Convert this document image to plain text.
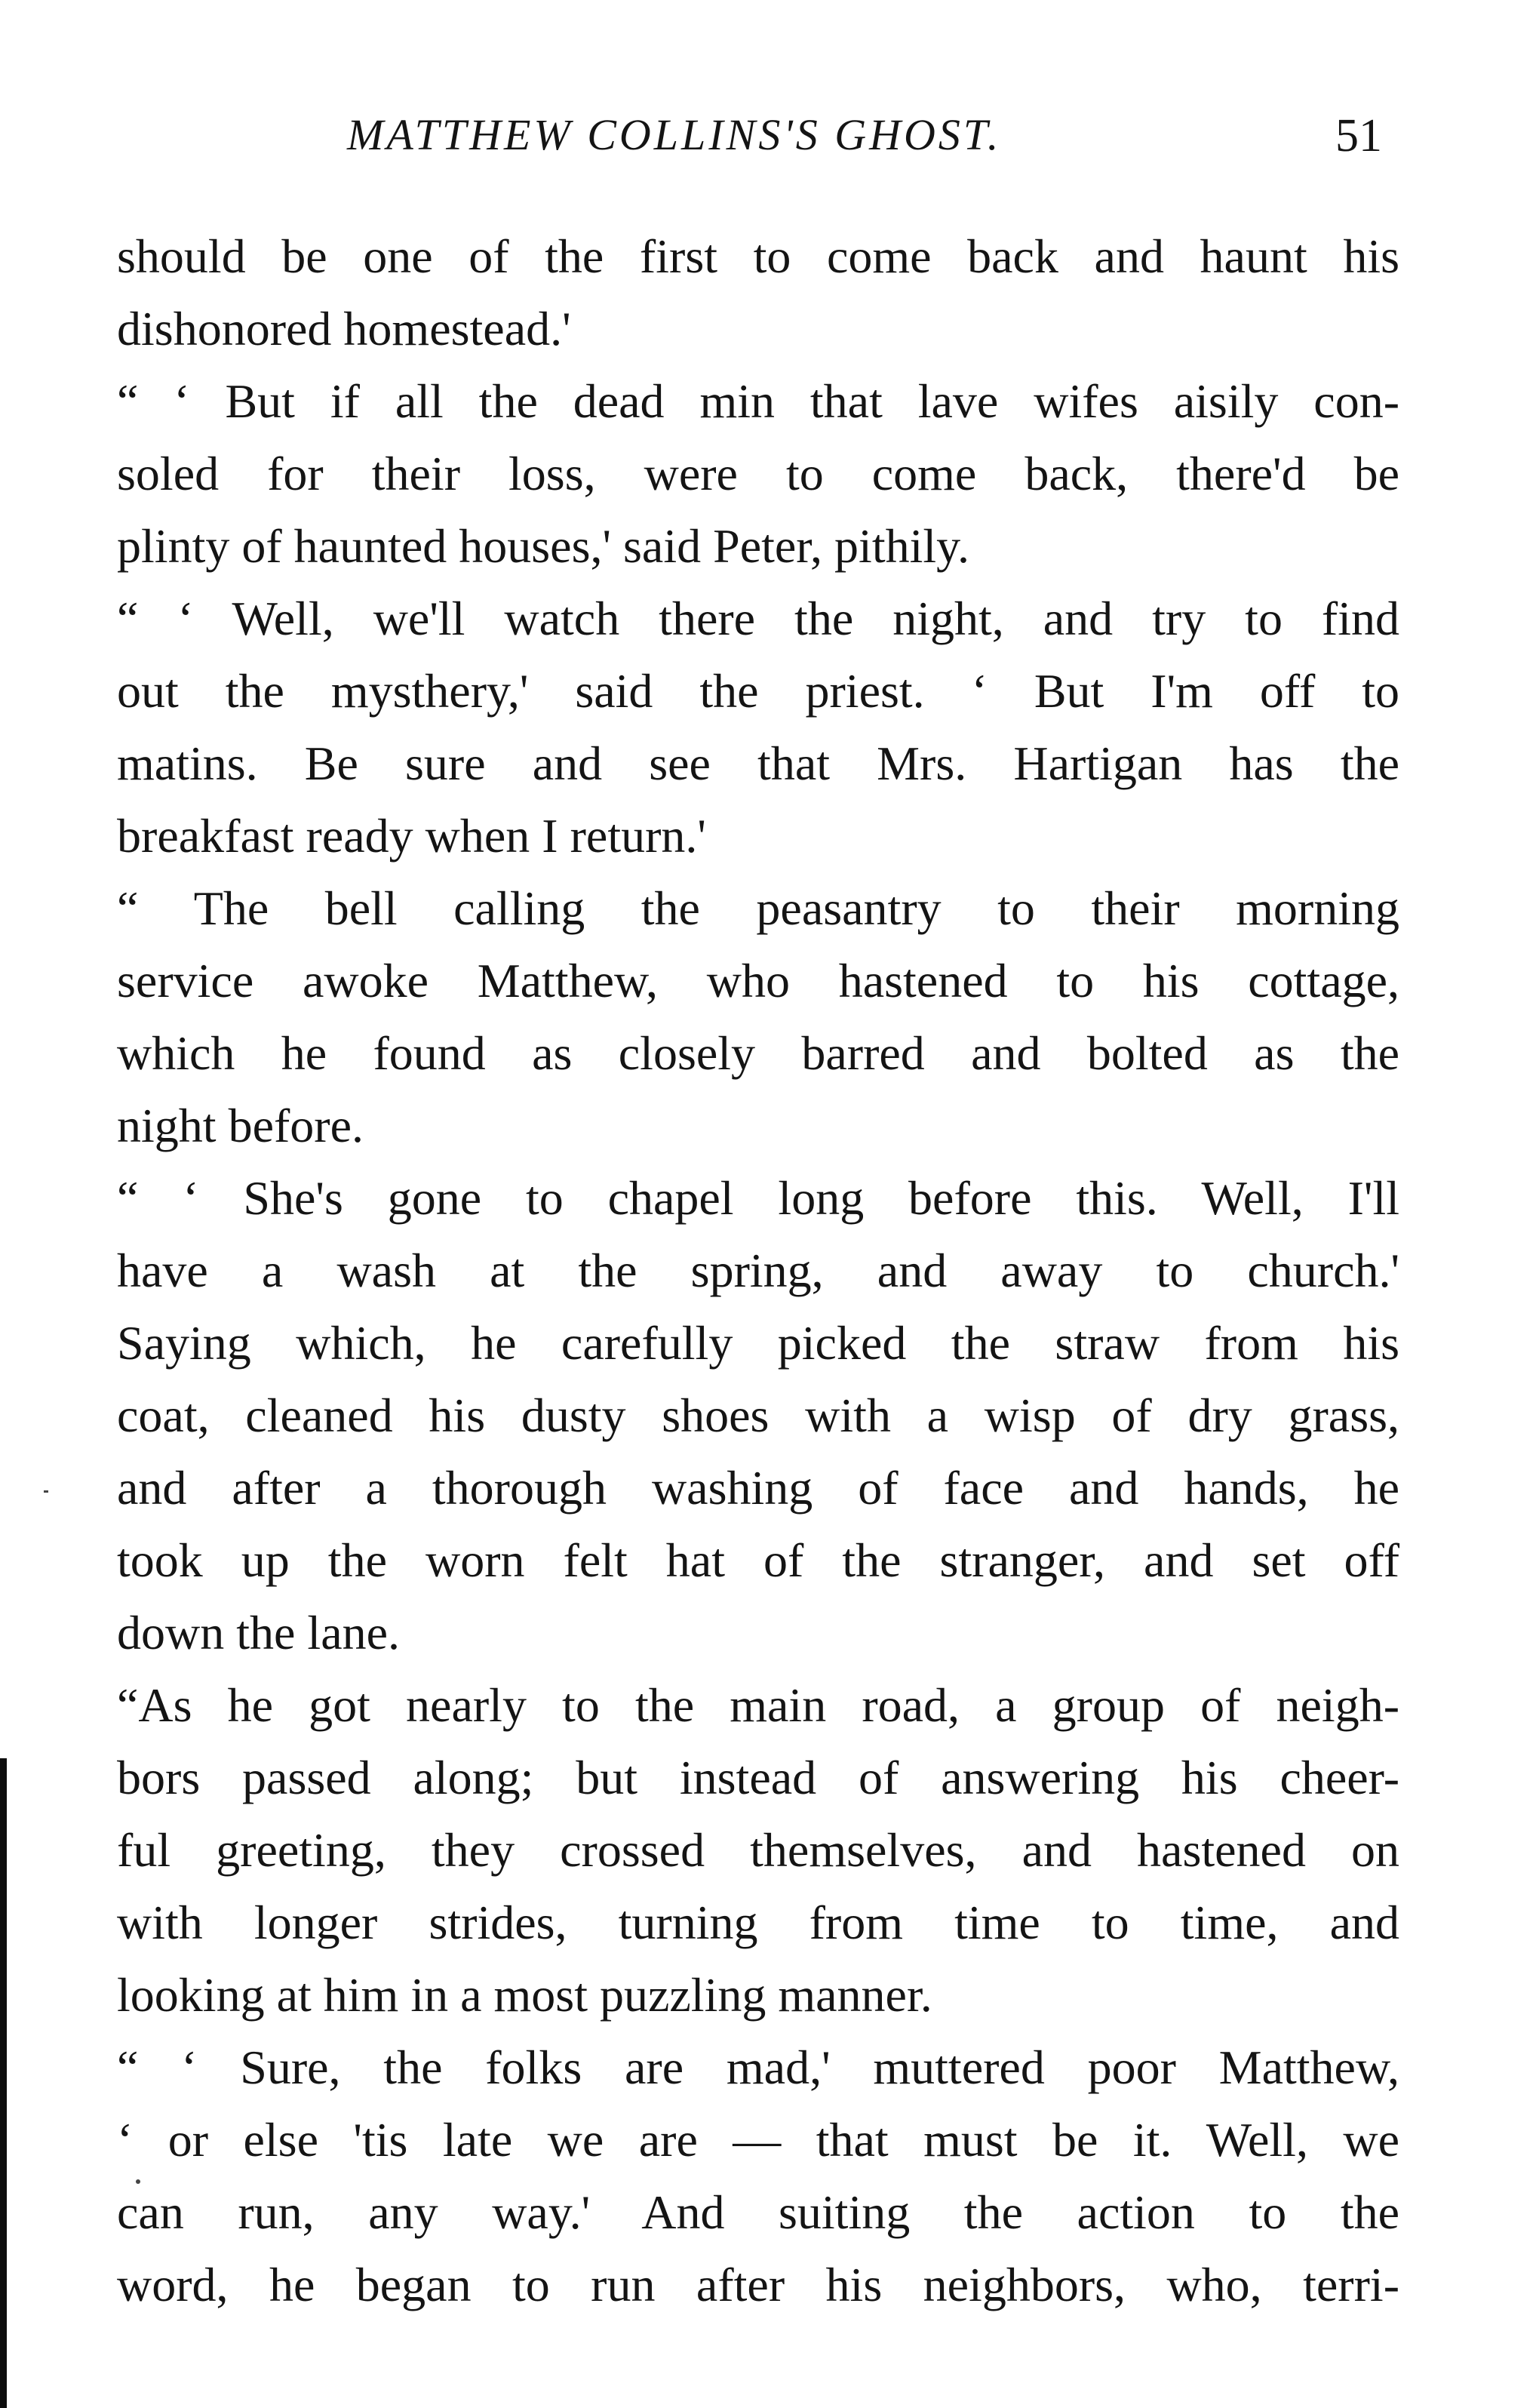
MATTHEW COLLINS'S GHOST.	51
should be one of the first to come back and haunt his
dishonored homestead.'
“ ‘ But if all the dead min that lave wifes aisily con-
soled for their loss, were to come back, there'd be
plinty of haunted houses,' said Peter, pithily.
“ ‘ Well, we'll watch there the night, and try to find
out the mysthery,' said the priest. ‘ But I'm off to
matins. Be sure and see that Mrs. Hartigan has the
breakfast ready when I return.'
“ The bell calling the peasantry to their morning
service awoke Matthew, who hastened to his cottage,
which he found as closely barred and bolted as the
night before.
“ ‘ She's gone to chapel long before this. Well, I'll
have a wash at the spring, and away to church.'
Saying which, he carefully picked the straw from his
coat, cleaned his dusty shoes with a wisp of dry grass,
and after a thorough washing of face and hands, he
took up the worn felt hat of the stranger, and set off
down the lane.
“As he got nearly to the main road, a group of neigh-
bors passed along; but instead of answering his cheer-
ful greeting, they crossed themselves, and hastened on
with longer strides, turning from time to time, and
looking at him in a most puzzling manner.
“ ‘ Sure, the folks are mad,' muttered poor Matthew,
‘ or else 'tis late we are — that must be it. Well, we
can run, any way.' And suiting the action to the
word, he began to run after his neighbors, who, terri-
